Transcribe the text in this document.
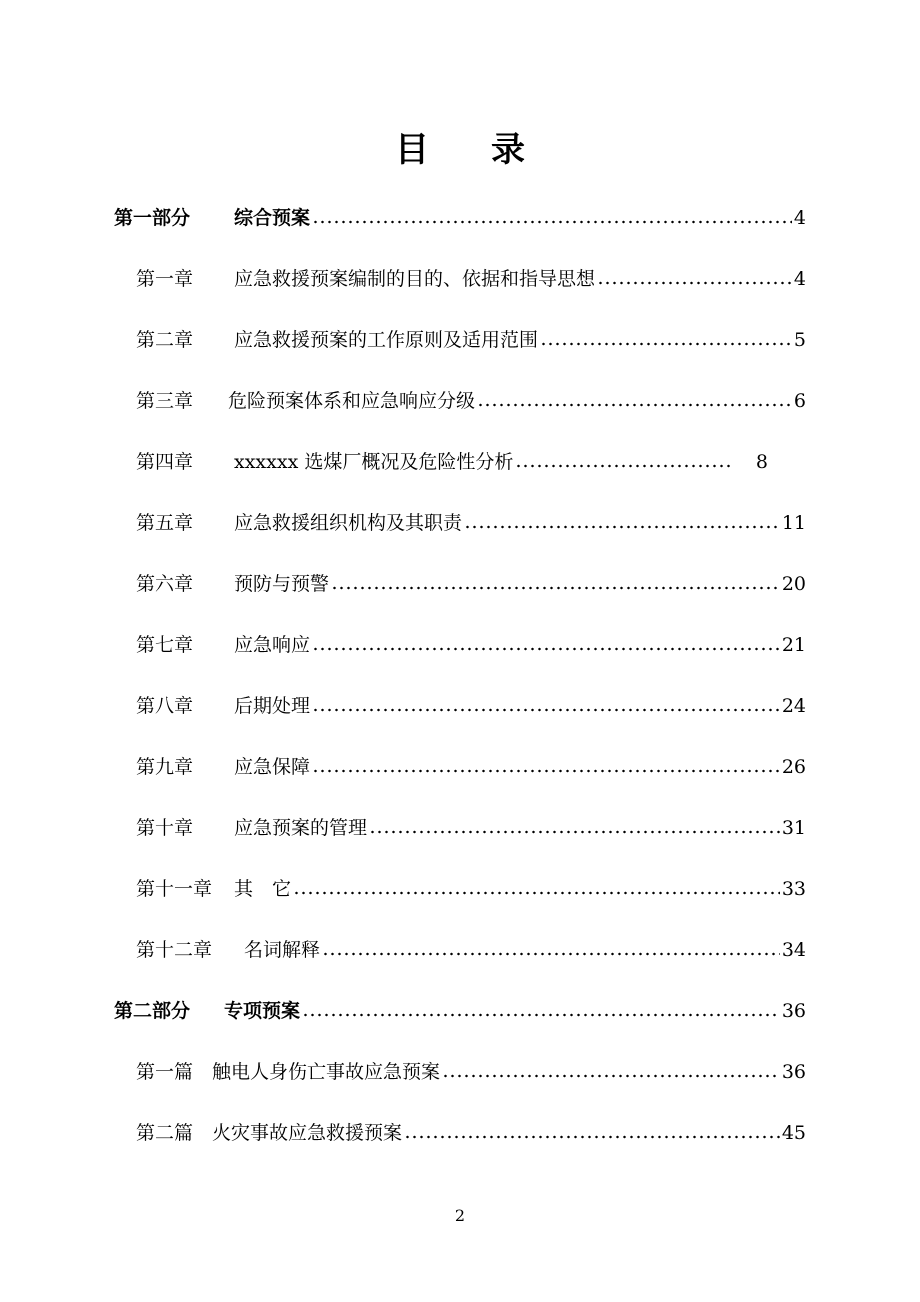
目录
第一部分	综合预案	4
第一章	应急救援预案编制的目的、依据和指导思想	4
第二章	应急救援预案的工作原则及适用范围	5
第三章	危险预案体系和应急响应分级	6
第四章	xxxxxx 选煤厂概况及危险性分析	8
第五章	应急救援组织机构及其职责	11
第六章	预防与预警	20
第七章	应急响应	21
第八章	后期处理	24
第九章	应急保障	26
第十章	应急预案的管理	31
第十一章	其　它	33
第十二章	名词解释	34
第二部分	专项预案	36
第一篇 触电人身伤亡事故应急预案	36
第二篇 火灾事故应急救援预案	45
2
